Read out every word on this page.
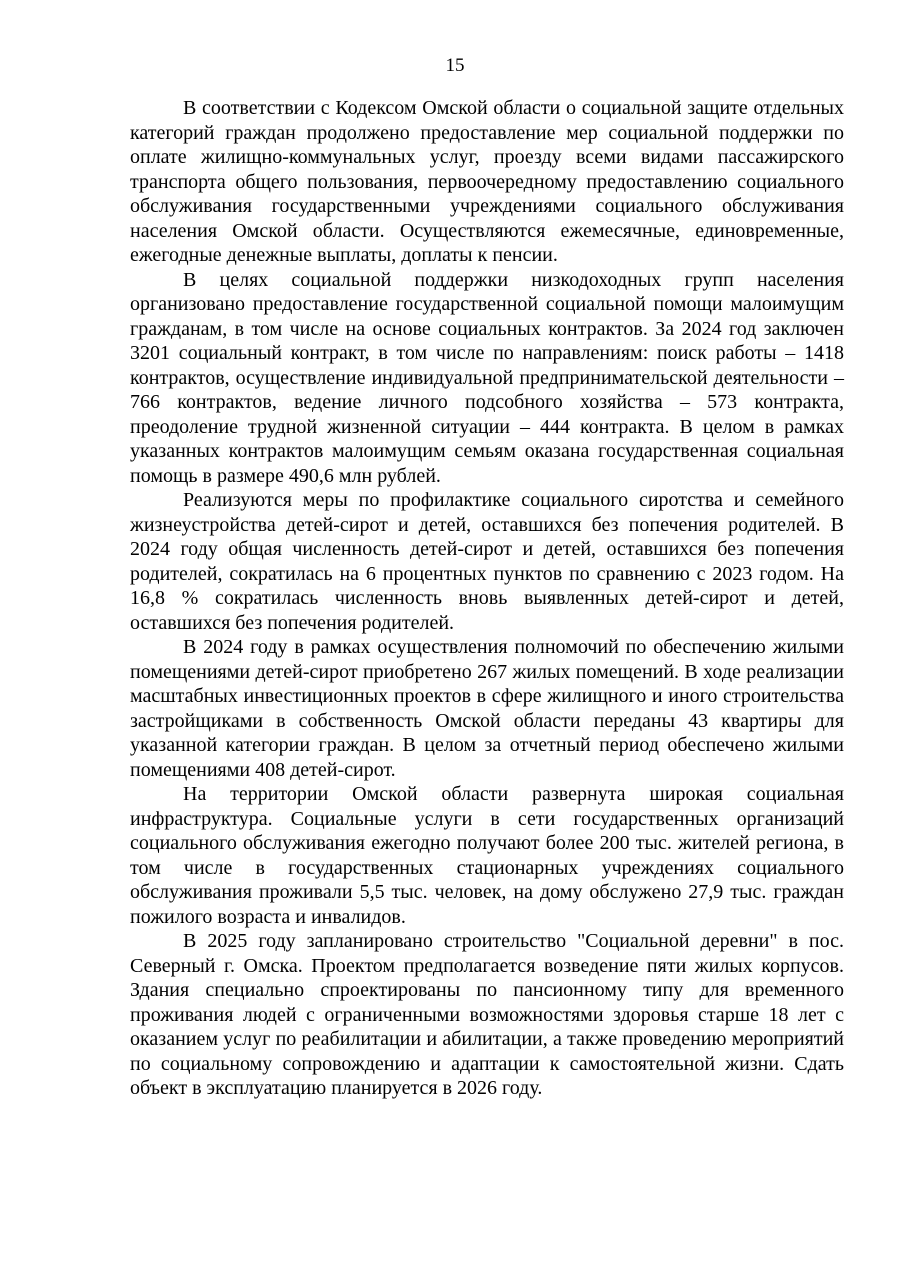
15

В соответствии с Кодексом Омской области о социальной защите отдельных категорий граждан продолжено предоставление мер социальной поддержки по оплате жилищно-коммунальных услуг, проезду всеми видами пассажирского транспорта общего пользования, первоочередному предоставлению социального обслуживания государственными учреждениями социального обслуживания населения Омской области. Осуществляются ежемесячные, единовременные, ежегодные денежные выплаты, доплаты к пенсии.

В целях социальной поддержки низкодоходных групп населения организовано предоставление государственной социальной помощи малоимущим гражданам, в том числе на основе социальных контрактов. За 2024 год заключен 3201 социальный контракт, в том числе по направлениям: поиск работы – 1418 контрактов, осуществление индивидуальной предпринимательской деятельности – 766 контрактов, ведение личного подсобного хозяйства – 573 контракта, преодоление трудной жизненной ситуации – 444 контракта. В целом в рамках указанных контрактов малоимущим семьям оказана государственная социальная помощь в размере 490,6 млн рублей.

Реализуются меры по профилактике социального сиротства и семейного жизнеустройства детей-сирот и детей, оставшихся без попечения родителей. В 2024 году общая численность детей-сирот и детей, оставшихся без попечения родителей, сократилась на 6 процентных пунктов по сравнению с 2023 годом. На 16,8 % сократилась численность вновь выявленных детей-сирот и детей, оставшихся без попечения родителей.

В 2024 году в рамках осуществления полномочий по обеспечению жилыми помещениями детей-сирот приобретено 267 жилых помещений. В ходе реализации масштабных инвестиционных проектов в сфере жилищного и иного строительства застройщиками в собственность Омской области переданы 43 квартиры для указанной категории граждан. В целом за отчетный период обеспечено жилыми помещениями 408 детей-сирот.

На территории Омской области развернута широкая социальная инфраструктура. Социальные услуги в сети государственных организаций социального обслуживания ежегодно получают более 200 тыс. жителей региона, в том числе в государственных стационарных учреждениях социального обслуживания проживали 5,5 тыс. человек, на дому обслужено 27,9 тыс. граждан пожилого возраста и инвалидов.

В 2025 году запланировано строительство "Социальной деревни" в пос. Северный г. Омска. Проектом предполагается возведение пяти жилых корпусов. Здания специально спроектированы по пансионному типу для временного проживания людей с ограниченными возможностями здоровья старше 18 лет с оказанием услуг по реабилитации и абилитации, а также проведению мероприятий по социальному сопровождению и адаптации к самостоятельной жизни. Сдать объект в эксплуатацию планируется в 2026 году.
